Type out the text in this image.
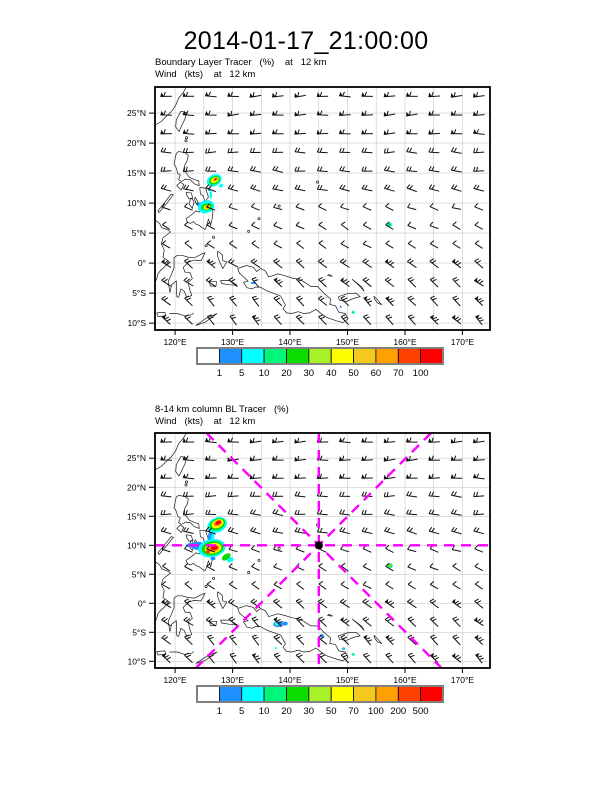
2014-01-17_21:00:00
Boundary Layer Tracer   (%)    at   12 km
Wind   (kts)    at   12 km
25°N
20°N
15°N
10°N
5°N
0°
5°S
10°S
120°E	130°E	140°E	150°E	160°E	170°E
1 5 10 20 30 40 50 60 70 100
8-14 km column BL Tracer   (%)
Wind   (kts)    at   12 km
25°N
20°N
15°N
10°N
5°N
0°
5°S
10°S
120°E	130°E	140°E	150°E	160°E	170°E
1 5 10 20 30 50 70 100 200 500
